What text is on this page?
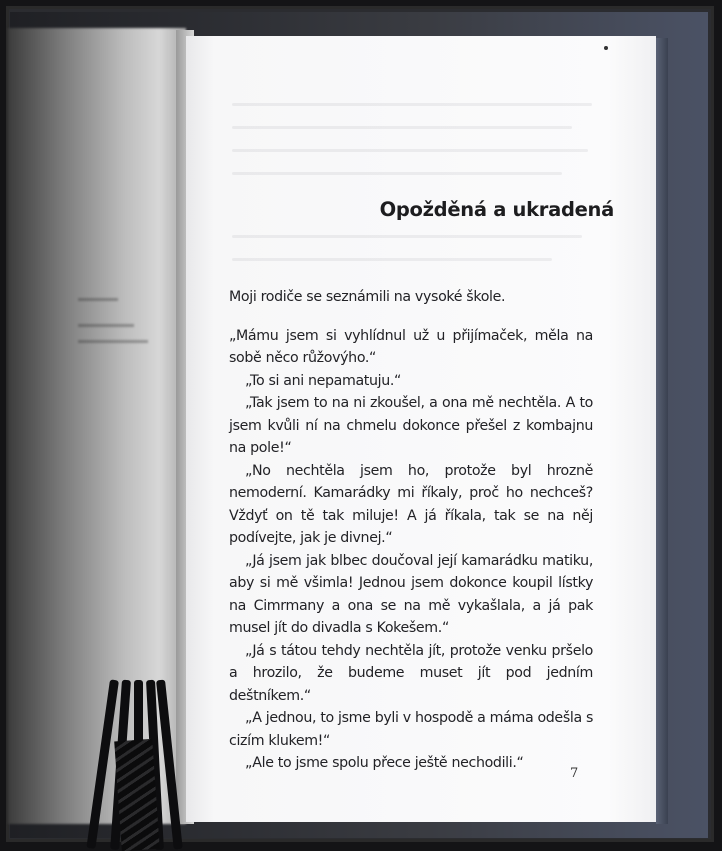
Opožděná a ukradená

Moji rodiče se seznámili na vysoké škole.

„Mámu jsem si vyhlídnul už u přijímaček, měla na sobě něco růžovýho.“

„To si ani nepamatuju.“

„Tak jsem to na ni zkoušel, a ona mě nechtěla. A to jsem kvůli ní na chmelu dokonce přešel z kombajnu na pole!“

„No nechtěla jsem ho, protože byl hrozně nemoderní. Kamarádky mi říkaly, proč ho nechceš? Vždyť on tě tak miluje! A já říkala, tak se na něj podívejte, jak je divnej.“

„Já jsem jak blbec doučoval její kamarádku matiku, aby si mě všimla! Jednou jsem dokonce koupil lístky na Cimrmany a ona se na mě vykašlala, a já pak musel jít do divadla s Kokešem.“

„Já s tátou tehdy nechtěla jít, protože venku pršelo a hrozilo, že budeme muset jít pod jedním deštníkem.“

„A jednou, to jsme byli v hospodě a máma odešla s cizím klukem!“

„Ale to jsme spolu přece ještě nechodili.“

7
